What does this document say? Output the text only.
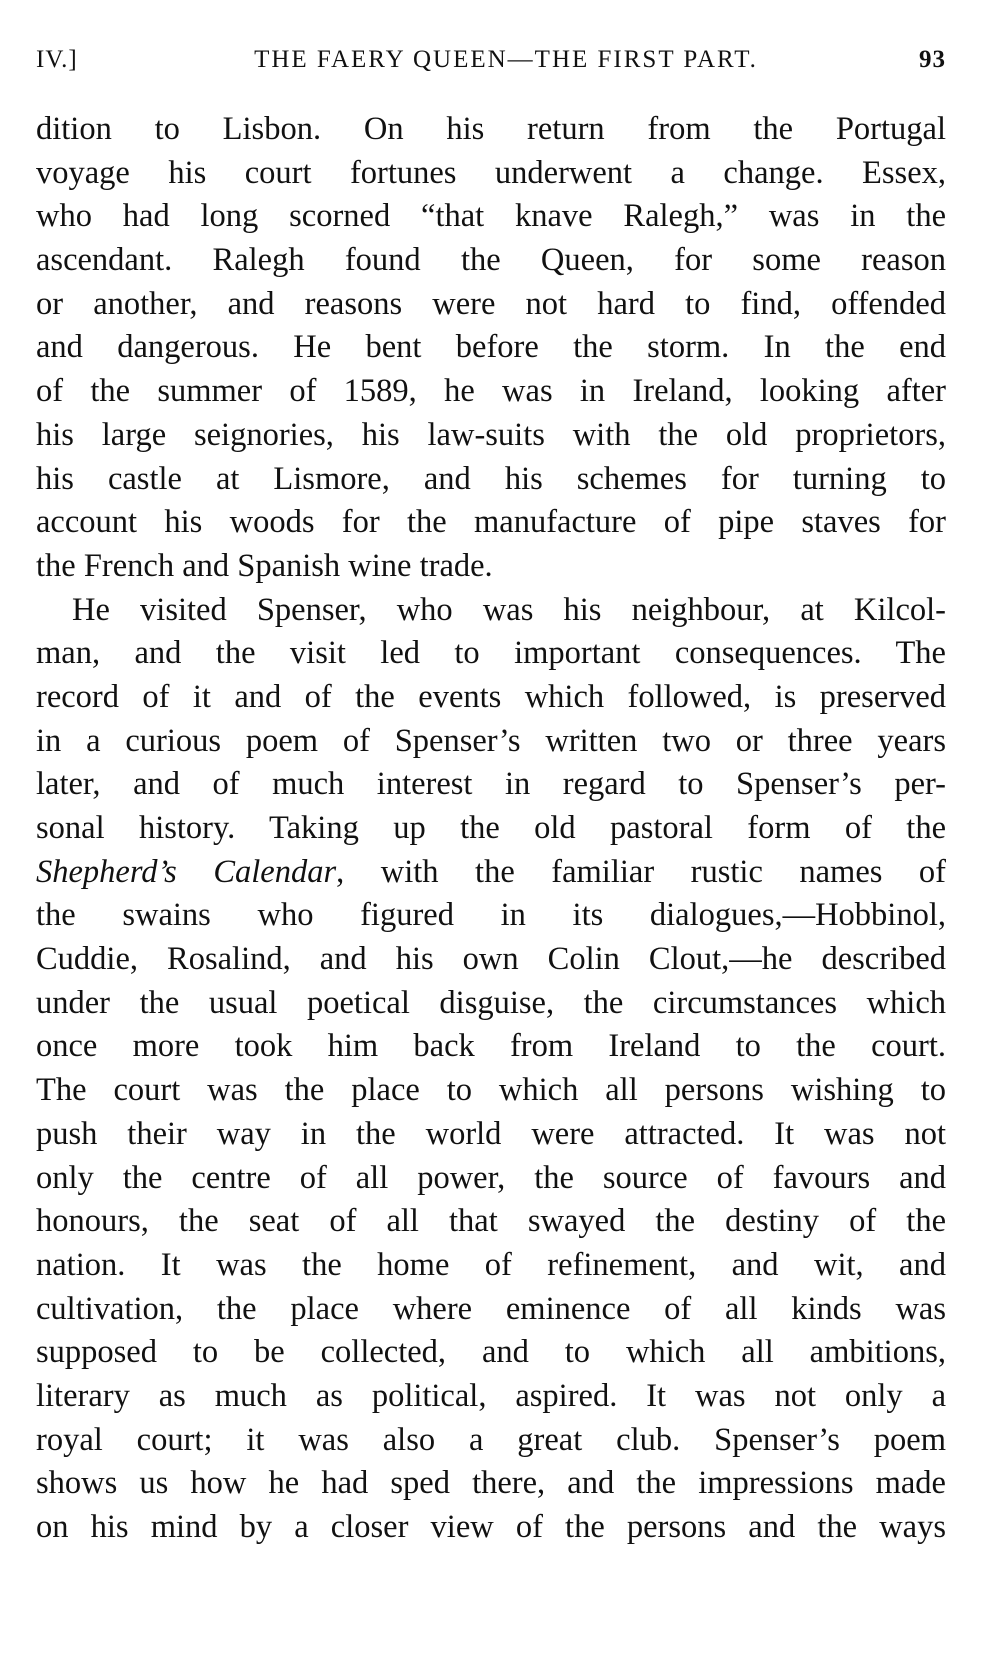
IV.]	THE FAERY QUEEN—THE FIRST PART.	93
dition to Lisbon. On his return from the Portugal
voyage his court fortunes underwent a change. Essex,
who had long scorned “that knave Ralegh,” was in the
ascendant. Ralegh found the Queen, for some reason
or another, and reasons were not hard to find, offended
and dangerous. He bent before the storm. In the end
of the summer of 1589, he was in Ireland, looking after
his large seignories, his law-suits with the old proprietors,
his castle at Lismore, and his schemes for turning to
account his woods for the manufacture of pipe staves for
the French and Spanish wine trade.
He visited Spenser, who was his neighbour, at Kilcol-
man, and the visit led to important consequences. The
record of it and of the events which followed, is preserved
in a curious poem of Spenser’s written two or three years
later, and of much interest in regard to Spenser’s per-
sonal history. Taking up the old pastoral form of the
Shepherd’s Calendar, with the familiar rustic names of
the swains who figured in its dialogues,—Hobbinol,
Cuddie, Rosalind, and his own Colin Clout,—he described
under the usual poetical disguise, the circumstances which
once more took him back from Ireland to the court.
The court was the place to which all persons wishing to
push their way in the world were attracted. It was not
only the centre of all power, the source of favours and
honours, the seat of all that swayed the destiny of the
nation. It was the home of refinement, and wit, and
cultivation, the place where eminence of all kinds was
supposed to be collected, and to which all ambitions,
literary as much as political, aspired. It was not only a
royal court; it was also a great club. Spenser’s poem
shows us how he had sped there, and the impressions made
on his mind by a closer view of the persons and the ways
